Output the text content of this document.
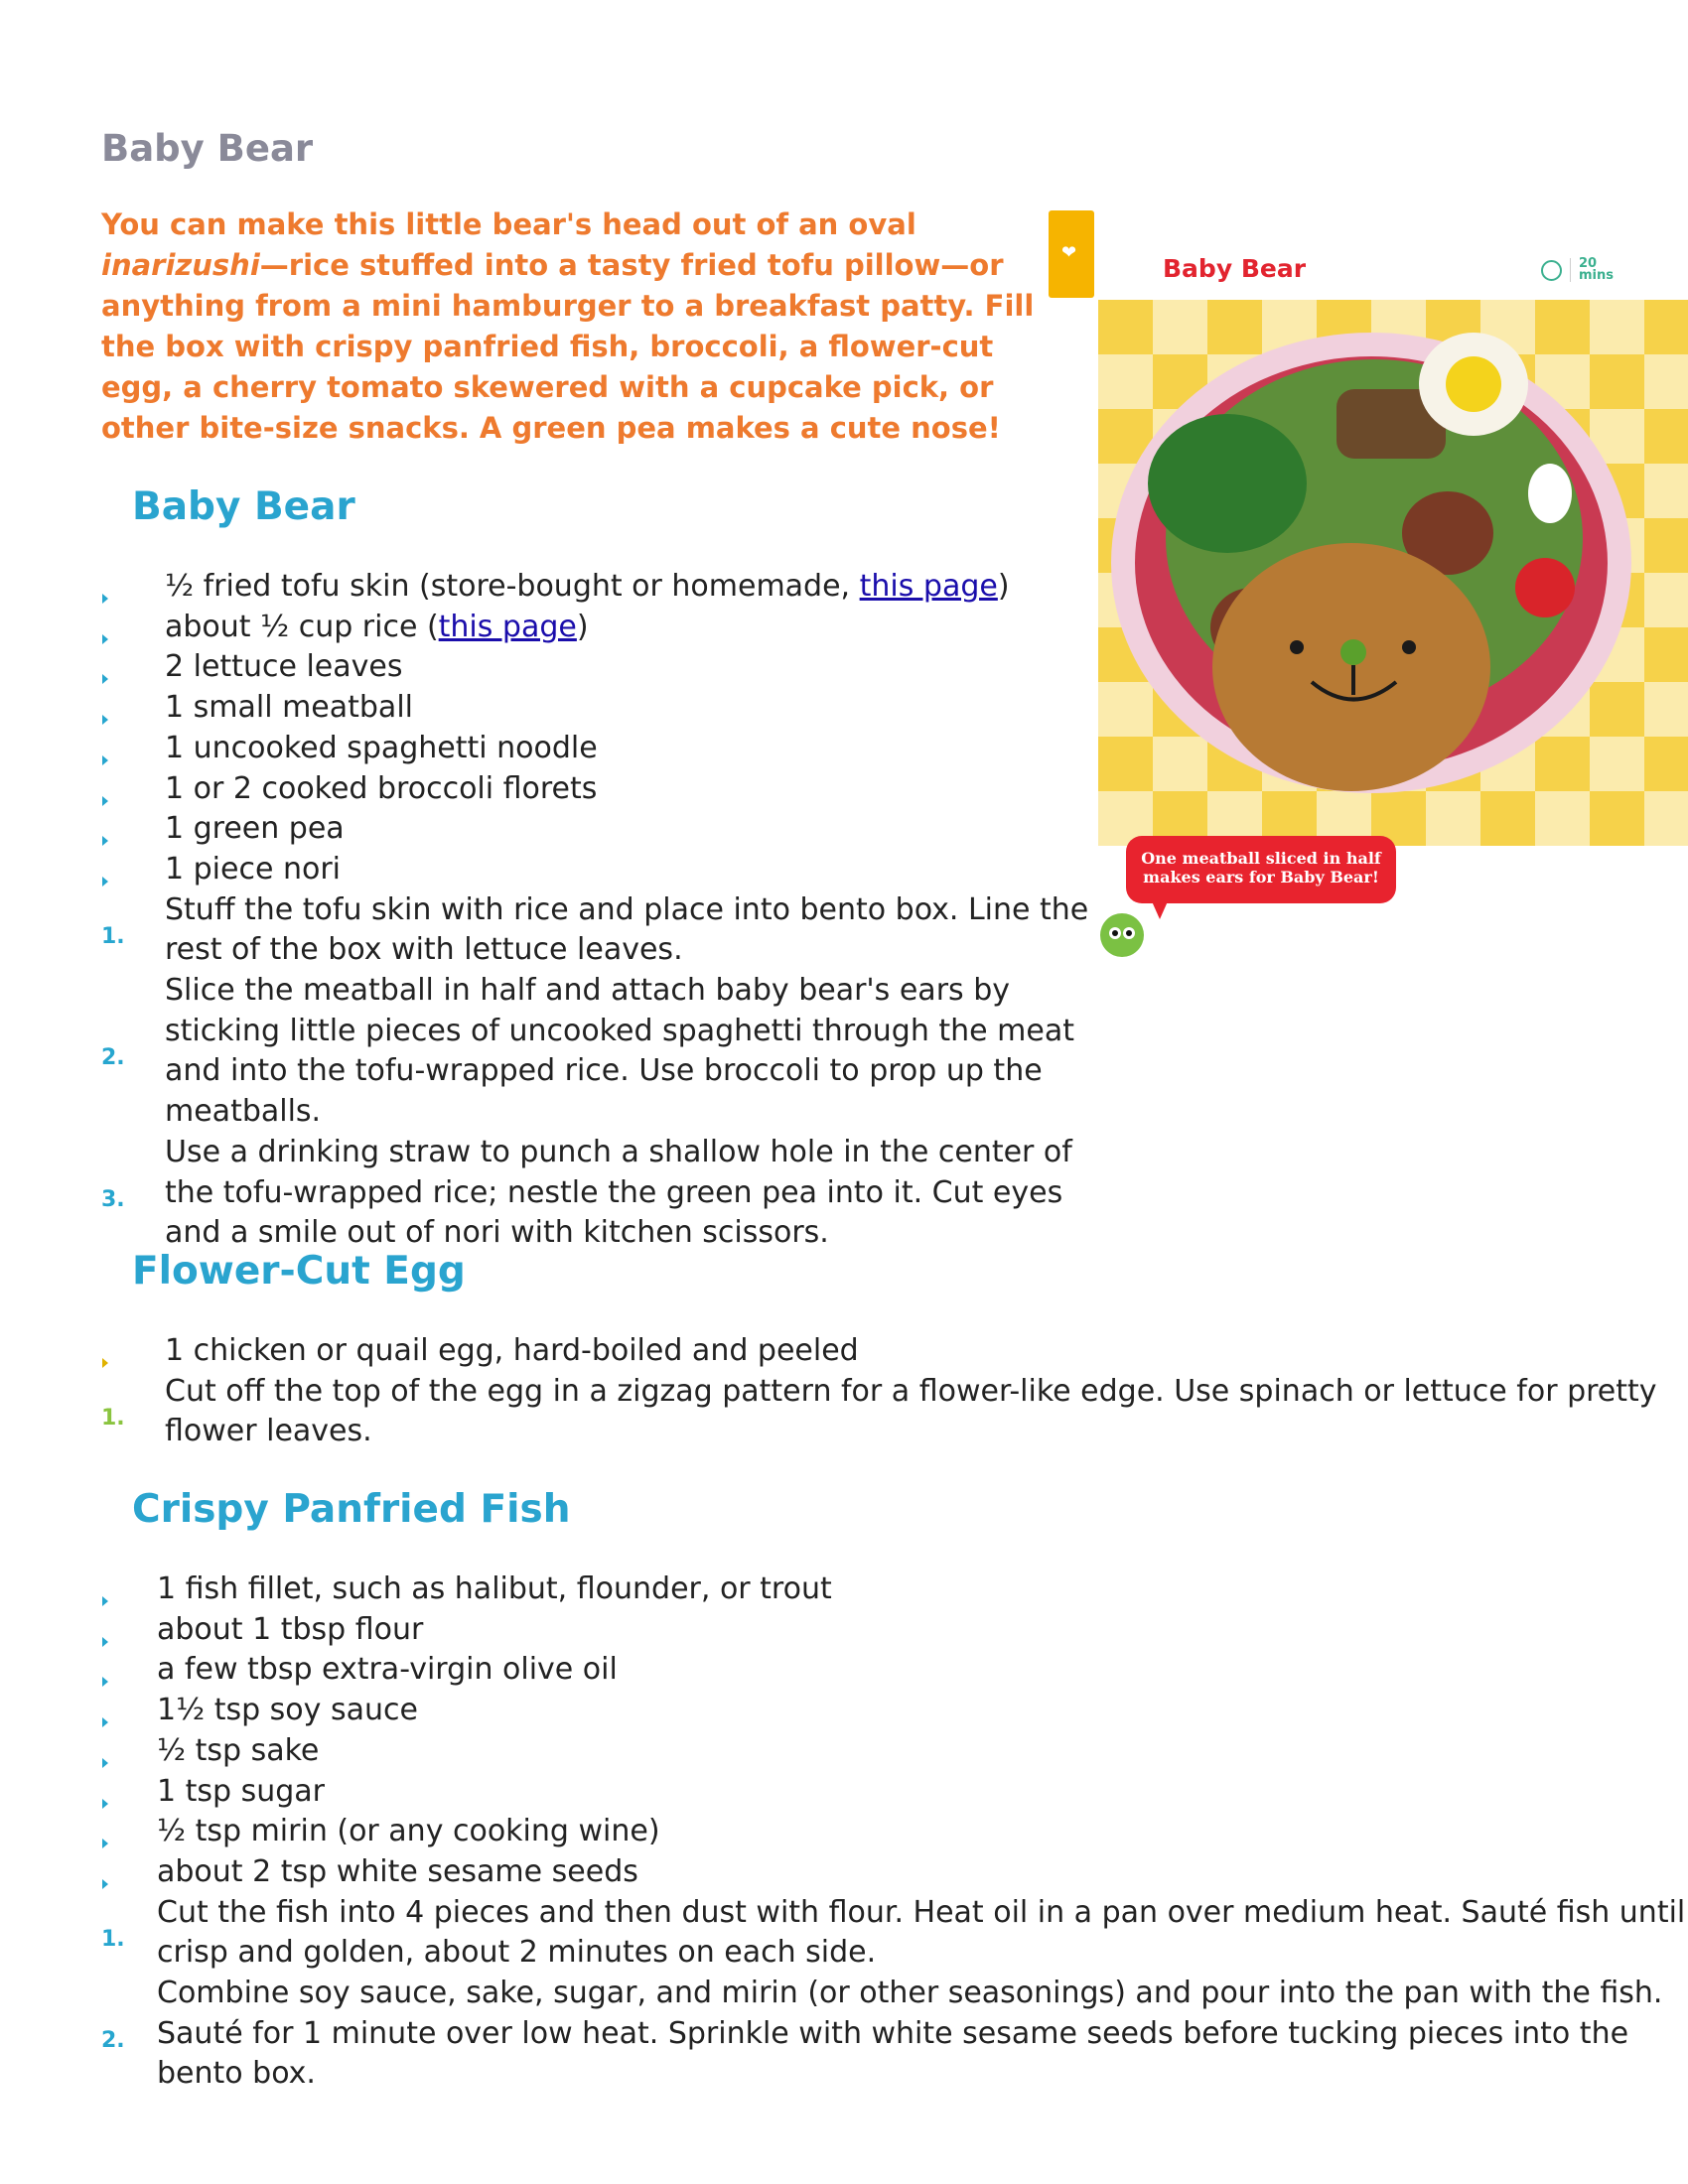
Baby Bear
You can make this little bear's head out of an oval inarizushi—rice stuffed into a tasty fried tofu pillow—or anything from a mini hamburger to a breakfast patty. Fill the box with crispy panfried fish, broccoli, a flower-cut egg, a cherry tomato skewered with a cupcake pick, or other bite-size snacks. A green pea makes a cute nose!
❤
Baby Bear	20
mins
One meatball sliced in half makes ears for Baby Bear!
Baby Bear
½ fried tofu skin (store-bought or homemade, this page)
about ½ cup rice (this page)
2 lettuce leaves
1 small meatball
1 uncooked spaghetti noodle
1 or 2 cooked broccoli florets
1 green pea
1 piece nori
1.
Stuff the tofu skin with rice and place into bento box. Line the rest of the box with lettuce leaves.
2.
Slice the meatball in half and attach baby bear's ears by sticking little pieces of uncooked spaghetti through the meat and into the tofu-wrapped rice. Use broccoli to prop up the meatballs.
3.
Use a drinking straw to punch a shallow hole in the center of the tofu-wrapped rice; nestle the green pea into it. Cut eyes and a smile out of nori with kitchen scissors.
Flower-Cut Egg
1 chicken or quail egg, hard-boiled and peeled
1.
Cut off the top of the egg in a zigzag pattern for a flower-like edge. Use spinach or lettuce for pretty flower leaves.
Crispy Panfried Fish
1 fish fillet, such as halibut, flounder, or trout
about 1 tbsp flour
a few tbsp extra-virgin olive oil
1½ tsp soy sauce
½ tsp sake
1 tsp sugar
½ tsp mirin (or any cooking wine)
about 2 tsp white sesame seeds
1.
Cut the fish into 4 pieces and then dust with flour. Heat oil in a pan over medium heat. Sauté fish until crisp and golden, about 2 minutes on each side.
2.
Combine soy sauce, sake, sugar, and mirin (or other seasonings) and pour into the pan with the fish. Sauté for 1 minute over low heat. Sprinkle with white sesame seeds before tucking pieces into the bento box.
